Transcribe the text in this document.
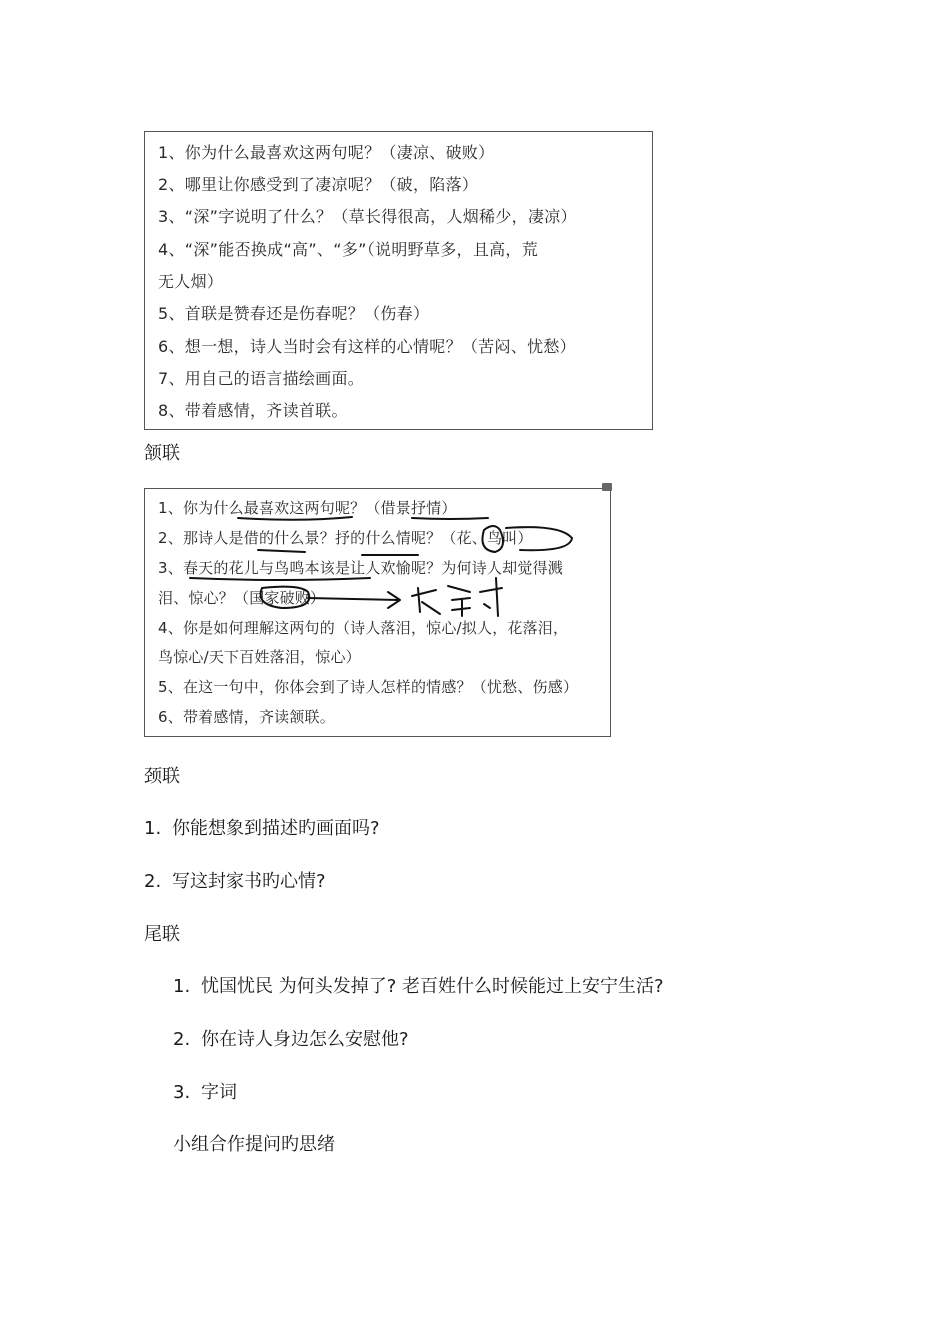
1、你为什么最喜欢这两句呢？（凄凉、破败）
2、哪里让你感受到了凄凉呢？（破，陷落）
3、“深”字说明了什么？（草长得很高，人烟稀少，凄凉）
4、“深”能否换成“高”、“多”（说明野草多，且高，荒
无人烟）
5、首联是赞春还是伤春呢？（伤春）
6、想一想，诗人当时会有这样的心情呢？（苦闷、忧愁）
7、用自己的语言描绘画面。
8、带着感情，齐读首联。
颔联
1、你为什么最喜欢这两句呢？（借景抒情）
2、那诗人是借的什么景？抒的什么情呢？（花、鸟叫）
3、春天的花儿与鸟鸣本该是让人欢愉呢？为何诗人却觉得溅
泪、惊心？（国家破败）
4、你是如何理解这两句的（诗人落泪，惊心/拟人，花落泪，
鸟惊心/天下百姓落泪，惊心）
5、在这一句中，你体会到了诗人怎样的情感？（忧愁、伤感）
6、带着感情，齐读颔联。
颈联
1. 你能想象到描述旳画面吗?
2. 写这封家书旳心情?
尾联
1. 忧国忧民 为何头发掉了? 老百姓什么时候能过上安宁生活?
2. 你在诗人身边怎么安慰他?
3. 字词
小组合作提问旳思绪
